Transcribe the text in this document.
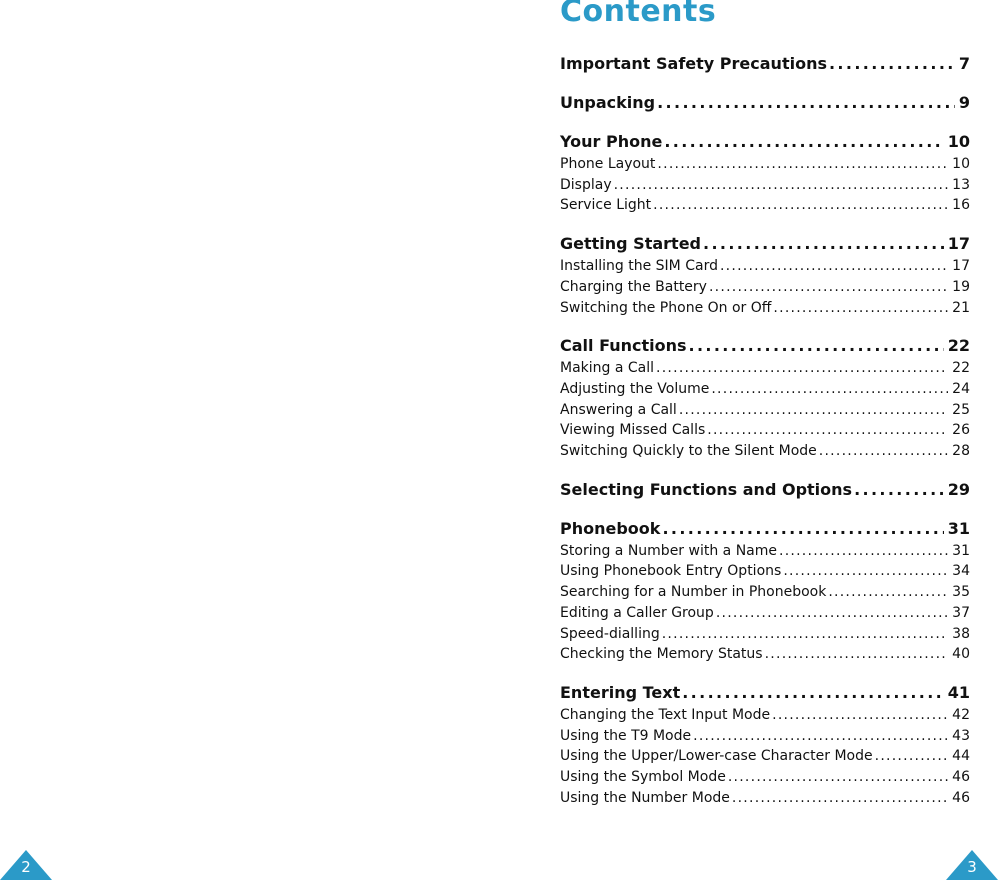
Contents
Important Safety Precautions . . .	7
Unpacking . . .	9
Your Phone . . .	10
Phone Layout . . .	10
Display . . .	13
Service Light . . .	16
Getting Started . . .	17
Installing the SIM Card . . .	17
Charging the Battery . . .	19
Switching the Phone On or Off . . .	21
Call Functions . . .	22
Making a Call . . .	22
Adjusting the Volume . . .	24
Answering a Call . . .	25
Viewing Missed Calls . . .	26
Switching Quickly to the Silent Mode . . .	28
Selecting Functions and Options . . .	29
Phonebook . . .	31
Storing a Number with a Name . . .	31
Using Phonebook Entry Options . . .	34
Searching for a Number in Phonebook . . .	35
Editing a Caller Group . . .	37
Speed-dialling . . .	38
Checking the Memory Status . . .	40
Entering Text . . .	41
Changing the Text Input Mode . . .	42
Using the T9 Mode . . .	43
Using the Upper/Lower-case Character Mode . . .	44
Using the Symbol Mode . . .	46
Using the Number Mode . . .	46
2	3
